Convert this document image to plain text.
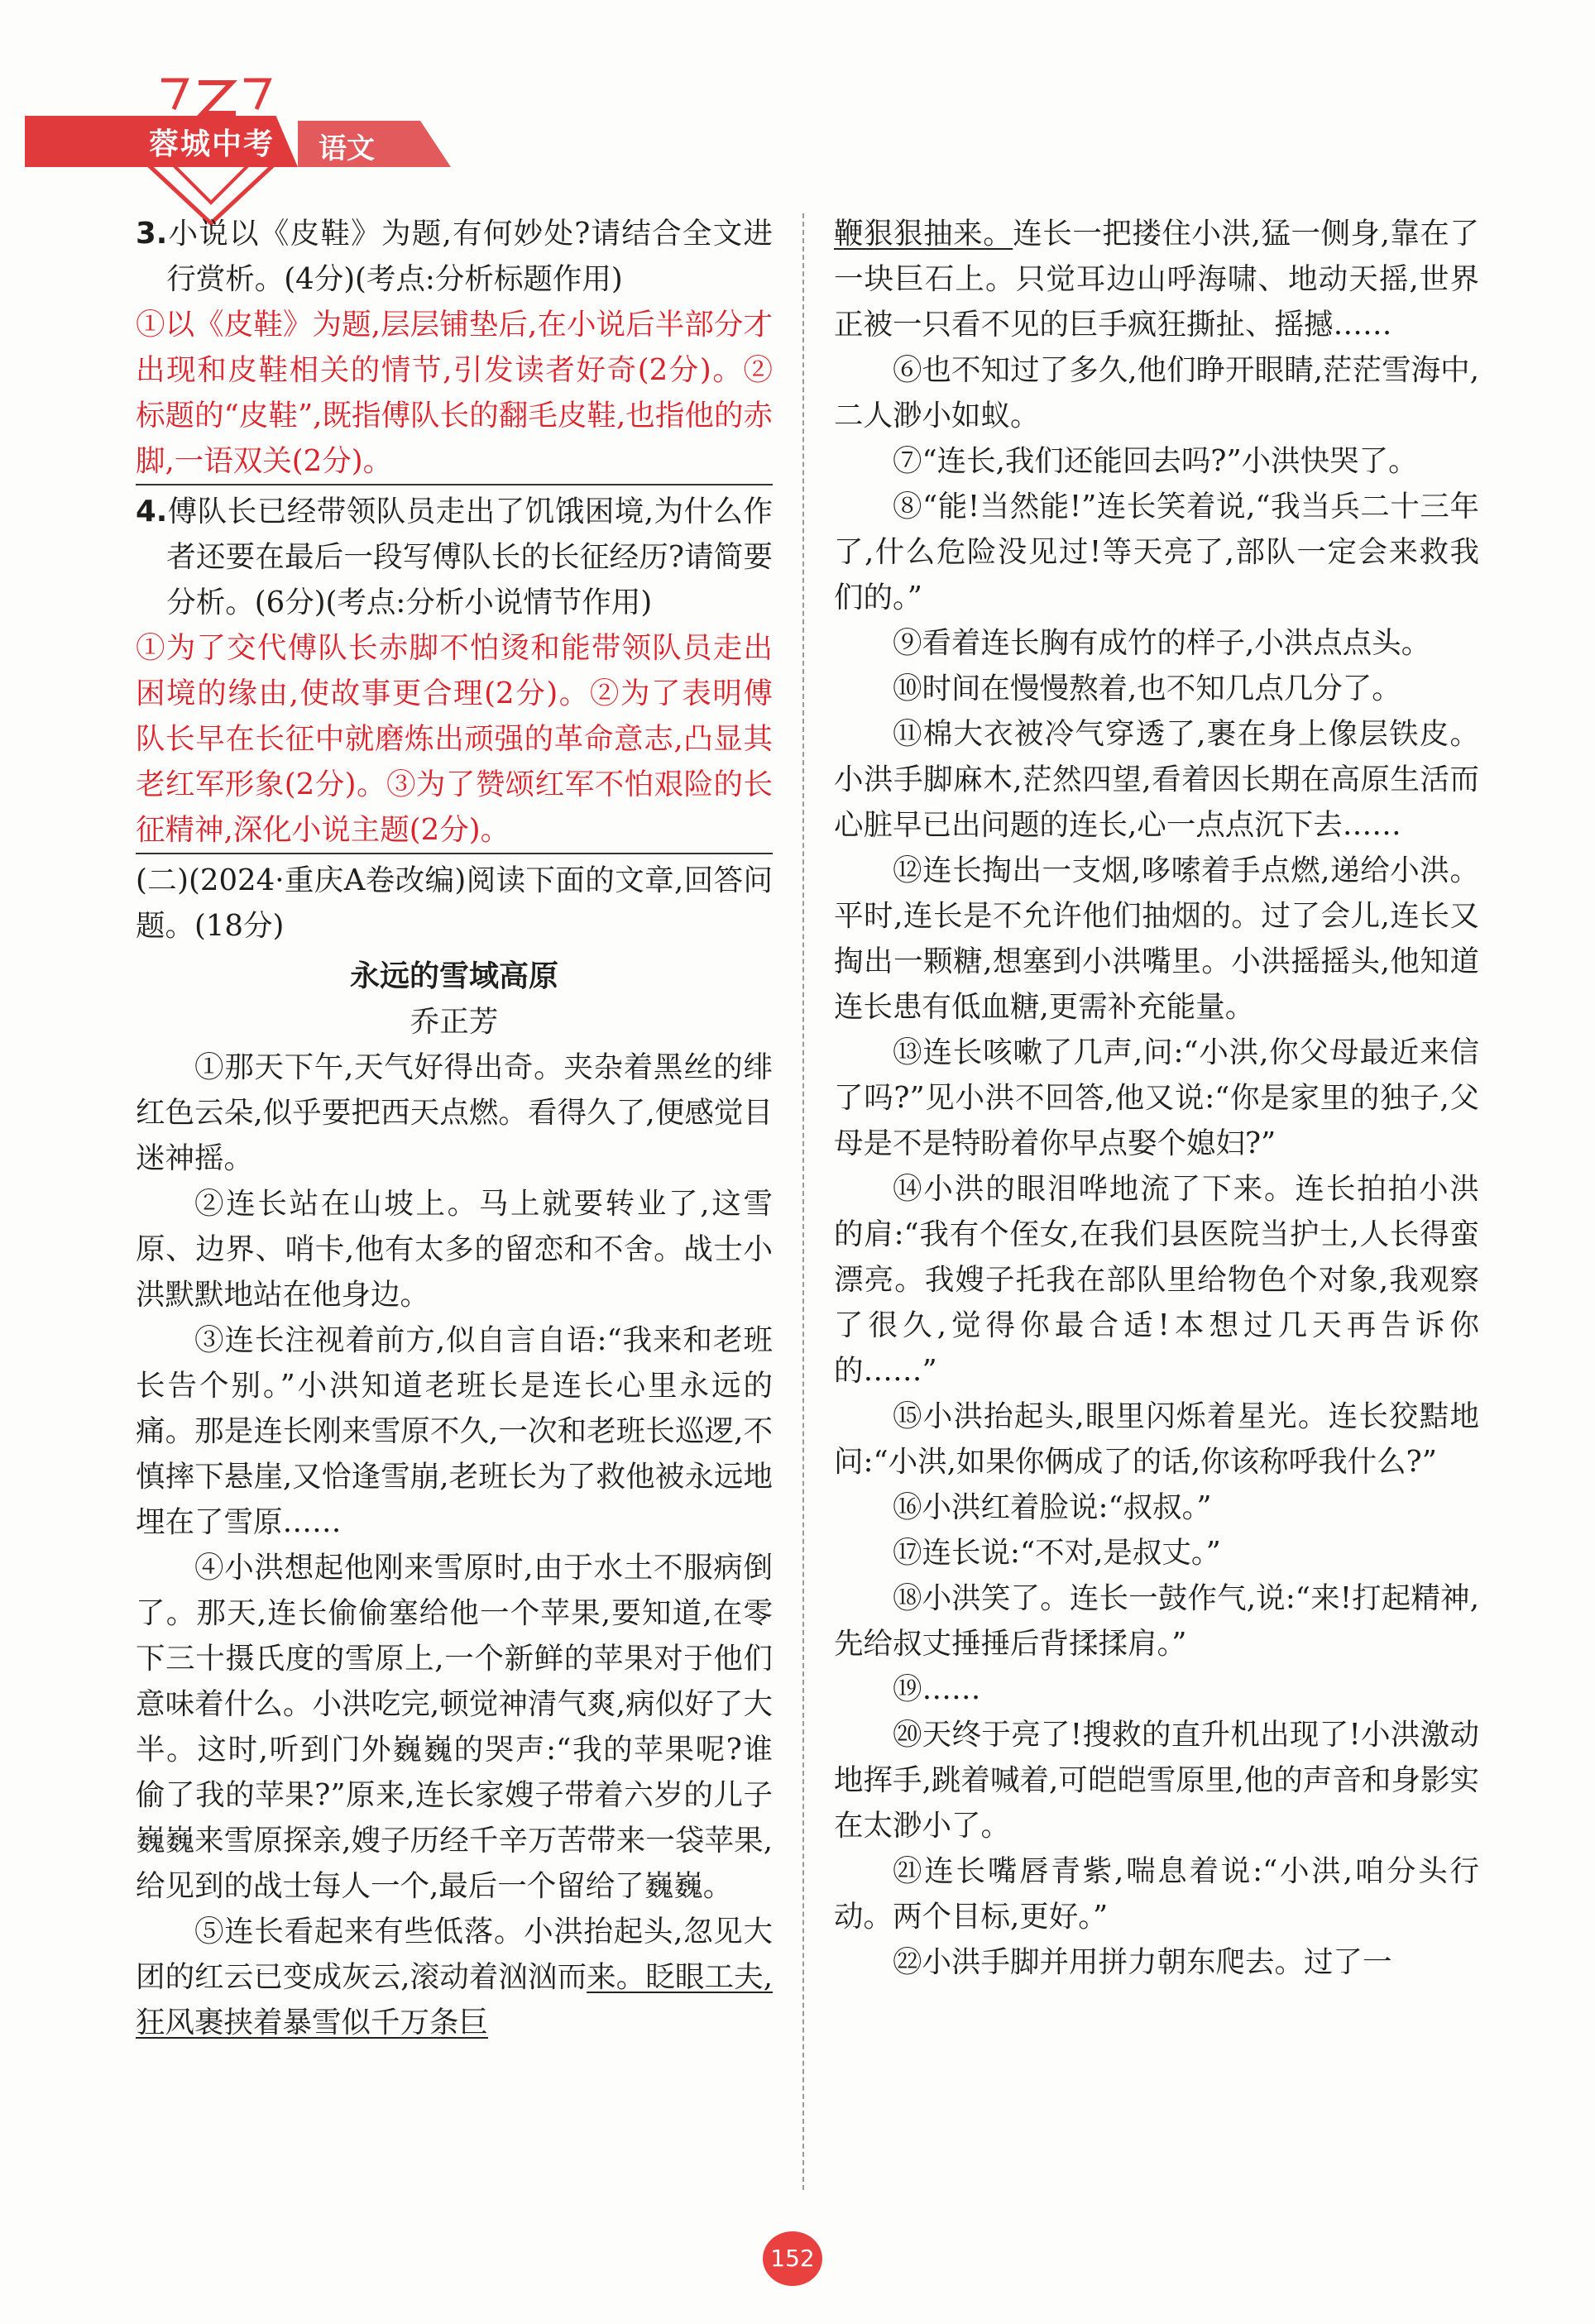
蓉城中考 语文

3.小说以《皮鞋》为题,有何妙处?请结合全文进行赏析。(4分)(考点:分析标题作用)

①以《皮鞋》为题,层层铺垫后,在小说后半部分才出现和皮鞋相关的情节,引发读者好奇(2分)。②标题的“皮鞋”,既指傅队长的翻毛皮鞋,也指他的赤脚,一语双关(2分)。

4.傅队长已经带领队员走出了饥饿困境,为什么作者还要在最后一段写傅队长的长征经历?请简要分析。(6分)(考点:分析小说情节作用)

①为了交代傅队长赤脚不怕烫和能带领队员走出困境的缘由,使故事更合理(2分)。②为了表明傅队长早在长征中就磨炼出顽强的革命意志,凸显其老红军形象(2分)。③为了赞颂红军不怕艰险的长征精神,深化小说主题(2分)。

(二)(2024·重庆A卷改编)阅读下面的文章,回答问题。(18分)

永远的雪域高原

乔正芳

①那天下午,天气好得出奇。夹杂着黑丝的绯红色云朵,似乎要把西天点燃。看得久了,便感觉目迷神摇。

②连长站在山坡上。马上就要转业了,这雪原、边界、哨卡,他有太多的留恋和不舍。战士小洪默默地站在他身边。

③连长注视着前方,似自言自语:“我来和老班长告个别。”小洪知道老班长是连长心里永远的痛。那是连长刚来雪原不久,一次和老班长巡逻,不慎摔下悬崖,又恰逢雪崩,老班长为了救他被永远地埋在了雪原……

④小洪想起他刚来雪原时,由于水土不服病倒了。那天,连长偷偷塞给他一个苹果,要知道,在零下三十摄氏度的雪原上,一个新鲜的苹果对于他们意味着什么。小洪吃完,顿觉神清气爽,病似好了大半。这时,听到门外巍巍的哭声:“我的苹果呢?谁偷了我的苹果?”原来,连长家嫂子带着六岁的儿子巍巍来雪原探亲,嫂子历经千辛万苦带来一袋苹果,给见到的战士每人一个,最后一个留给了巍巍。

⑤连长看起来有些低落。小洪抬起头,忽见大团的红云已变成灰云,滚动着汹汹而来。眨眼工夫,狂风裹挟着暴雪似千万条巨

鞭狠狠抽来。连长一把搂住小洪,猛一侧身,靠在了一块巨石上。只觉耳边山呼海啸、地动天摇,世界正被一只看不见的巨手疯狂撕扯、摇撼……

⑥也不知过了多久,他们睁开眼睛,茫茫雪海中,二人渺小如蚁。

⑦“连长,我们还能回去吗?”小洪快哭了。

⑧“能!当然能!”连长笑着说,“我当兵二十三年了,什么危险没见过!等天亮了,部队一定会来救我们的。”

⑨看着连长胸有成竹的样子,小洪点点头。

⑩时间在慢慢熬着,也不知几点几分了。

⑪棉大衣被冷气穿透了,裹在身上像层铁皮。小洪手脚麻木,茫然四望,看着因长期在高原生活而心脏早已出问题的连长,心一点点沉下去……

⑫连长掏出一支烟,哆嗦着手点燃,递给小洪。平时,连长是不允许他们抽烟的。过了会儿,连长又掏出一颗糖,想塞到小洪嘴里。小洪摇摇头,他知道连长患有低血糖,更需补充能量。

⑬连长咳嗽了几声,问:“小洪,你父母最近来信了吗?”见小洪不回答,他又说:“你是家里的独子,父母是不是特盼着你早点娶个媳妇?”

⑭小洪的眼泪哗地流了下来。连长拍拍小洪的肩:“我有个侄女,在我们县医院当护士,人长得蛮漂亮。我嫂子托我在部队里给物色个对象,我观察了很久,觉得你最合适!本想过几天再告诉你的……”

⑮小洪抬起头,眼里闪烁着星光。连长狡黠地问:“小洪,如果你俩成了的话,你该称呼我什么?”

⑯小洪红着脸说:“叔叔。”

⑰连长说:“不对,是叔丈。”

⑱小洪笑了。连长一鼓作气,说:“来!打起精神,先给叔丈捶捶后背揉揉肩。”

⑲……

⑳天终于亮了!搜救的直升机出现了!小洪激动地挥手,跳着喊着,可皑皑雪原里,他的声音和身影实在太渺小了。

㉑连长嘴唇青紫,喘息着说:“小洪,咱分头行动。两个目标,更好。”

㉒小洪手脚并用拼力朝东爬去。过了一

152
